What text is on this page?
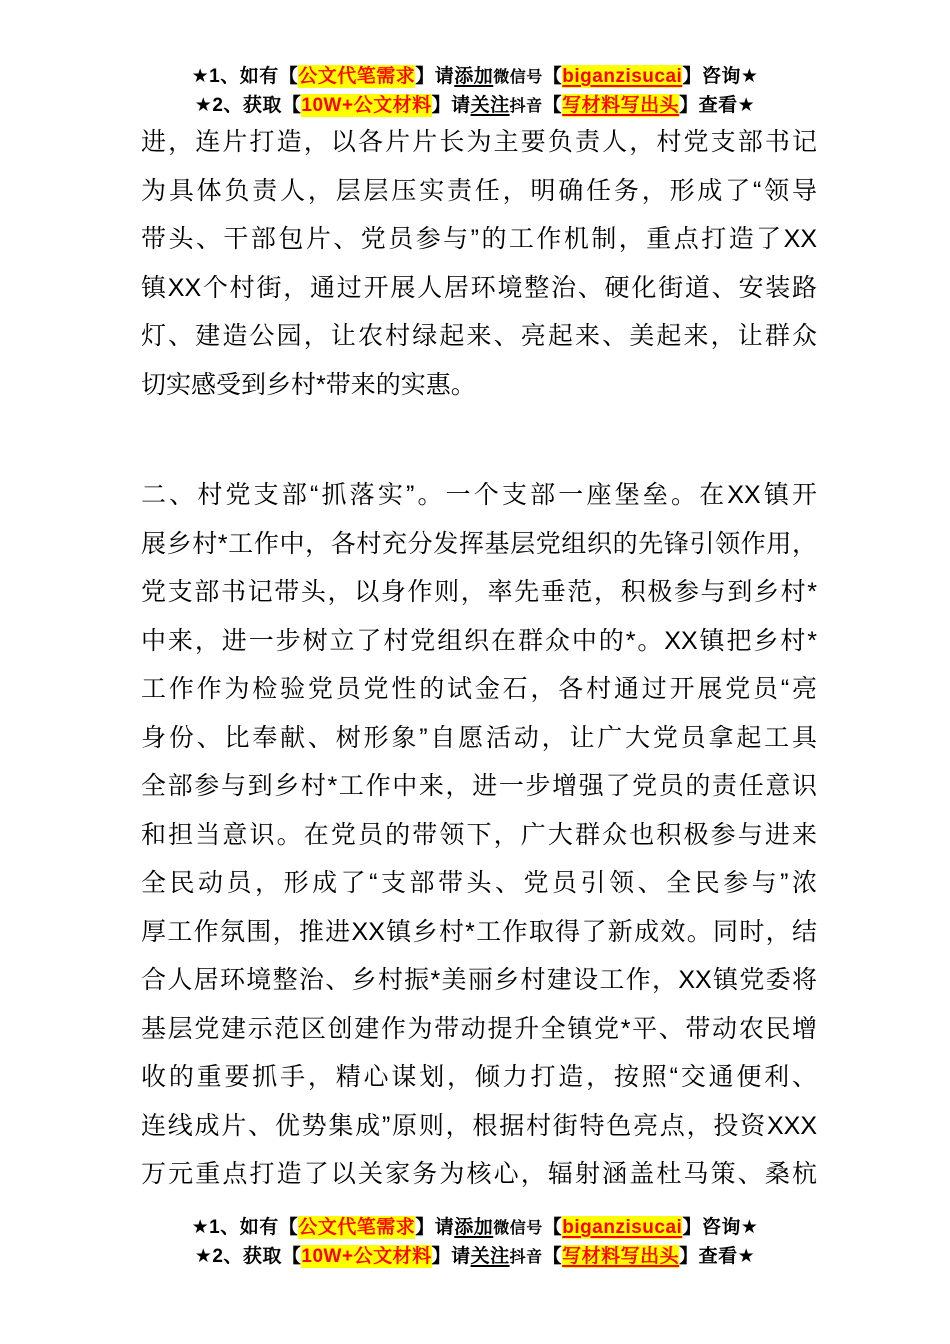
★1、如有【公文代笔需求】请添加微信号【biganzisucai】咨询★
★2、获取【10W+公文材料】请关注抖音【写材料写出头】查看★
进，连片打造，以各片片长为主要负责人，村党支部书记
为具体负责人，层层压实责任，明确任务，形成了“领导
带头、干部包片、党员参与”的工作机制，重点打造了XX
镇XX个村街，通过开展人居环境整治、硬化街道、安装路
灯、建造公园，让农村绿起来、亮起来、美起来，让群众
切实感受到乡村*带来的实惠。
二、村党支部“抓落实”。一个支部一座堡垒。在XX镇开
展乡村*工作中，各村充分发挥基层党组织的先锋引领作用，
党支部书记带头，以身作则，率先垂范，积极参与到乡村*
中来，进一步树立了村党组织在群众中的*。XX镇把乡村*
工作作为检验党员党性的试金石，各村通过开展党员“亮
身份、比奉献、树形象”自愿活动，让广大党员拿起工具
全部参与到乡村*工作中来，进一步增强了党员的责任意识
和担当意识。在党员的带领下，广大群众也积极参与进来
全民动员，形成了“支部带头、党员引领、全民参与”浓
厚工作氛围，推进XX镇乡村*工作取得了新成效。同时，结
合人居环境整治、乡村振*美丽乡村建设工作，XX镇党委将
基层党建示范区创建作为带动提升全镇党*平、带动农民增
收的重要抓手，精心谋划，倾力打造，按照“交通便利、
连线成片、优势集成”原则，根据村街特色亮点，投资XXX
万元重点打造了以关家务为核心，辐射涵盖杜马策、桑杭
★1、如有【公文代笔需求】请添加微信号【biganzisucai】咨询★
★2、获取【10W+公文材料】请关注抖音【写材料写出头】查看★
